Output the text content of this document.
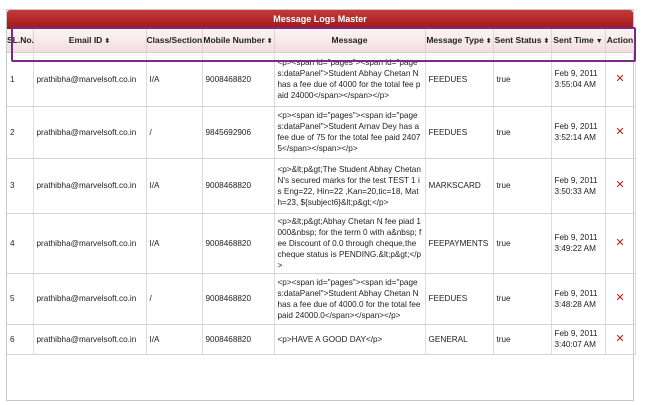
Message Logs Master
SL.No.	Email ID ⬍	Class/Section	Mobile Number ⬍	Message	Message Type ⬍	Sent Status ⬍	Sent Time ▼	Action
1	prathibha@marvelsoft.co.in	I/A	9008468820	<p><span id="pages"><span id="pages:dataPanel">Student Abhay Chetan N has a fee due of 4000 for the total fee paid 24000</span></span></p>	FEEDUES	true	Feb 9, 2011 3:55:04 AM	✕
2	prathibha@marvelsoft.co.in	/	9845692906	<p><span id="pages"><span id="pages:dataPanel">Student Arnav Dey has a fee due of 75 for the total fee paid 24075</span></span></p>	FEEDUES	true	Feb 9, 2011 3:52:14 AM	✕
3	prathibha@marvelsoft.co.in	I/A	9008468820	<p>&lt;p&gt;The Student Abhay Chetan N's secured marks for the test TEST 1 is Eng=22, Hin=22 ,Kan=20,tic=18, Math=23, ${subject6}&lt;p&gt;</p>	MARKSCARD	true	Feb 9, 2011 3:50:33 AM	✕
4	prathibha@marvelsoft.co.in	I/A	9008468820	<p>&lt;p&gt;Abhay Chetan N fee piad 1000&nbsp; for the term 0 with a&nbsp; fee Discount of 0.0 through cheque,the cheque status is PENDING.&lt;p&gt;</p>	FEEPAYMENTS	true	Feb 9, 2011 3:49:22 AM	✕
5	prathibha@marvelsoft.co.in	/	9008468820	<p><span id="pages"><span id="pages:dataPanel">Student Abhay Chetan N has a fee due of 4000.0 for the total fee paid 24000.0</span></span></p>	FEEDUES	true	Feb 9, 2011 3:48:28 AM	✕
6	prathibha@marvelsoft.co.in	I/A	9008468820	<p>HAVE A GOOD DAY</p>	GENERAL	true	Feb 9, 2011 3:40:07 AM	✕
